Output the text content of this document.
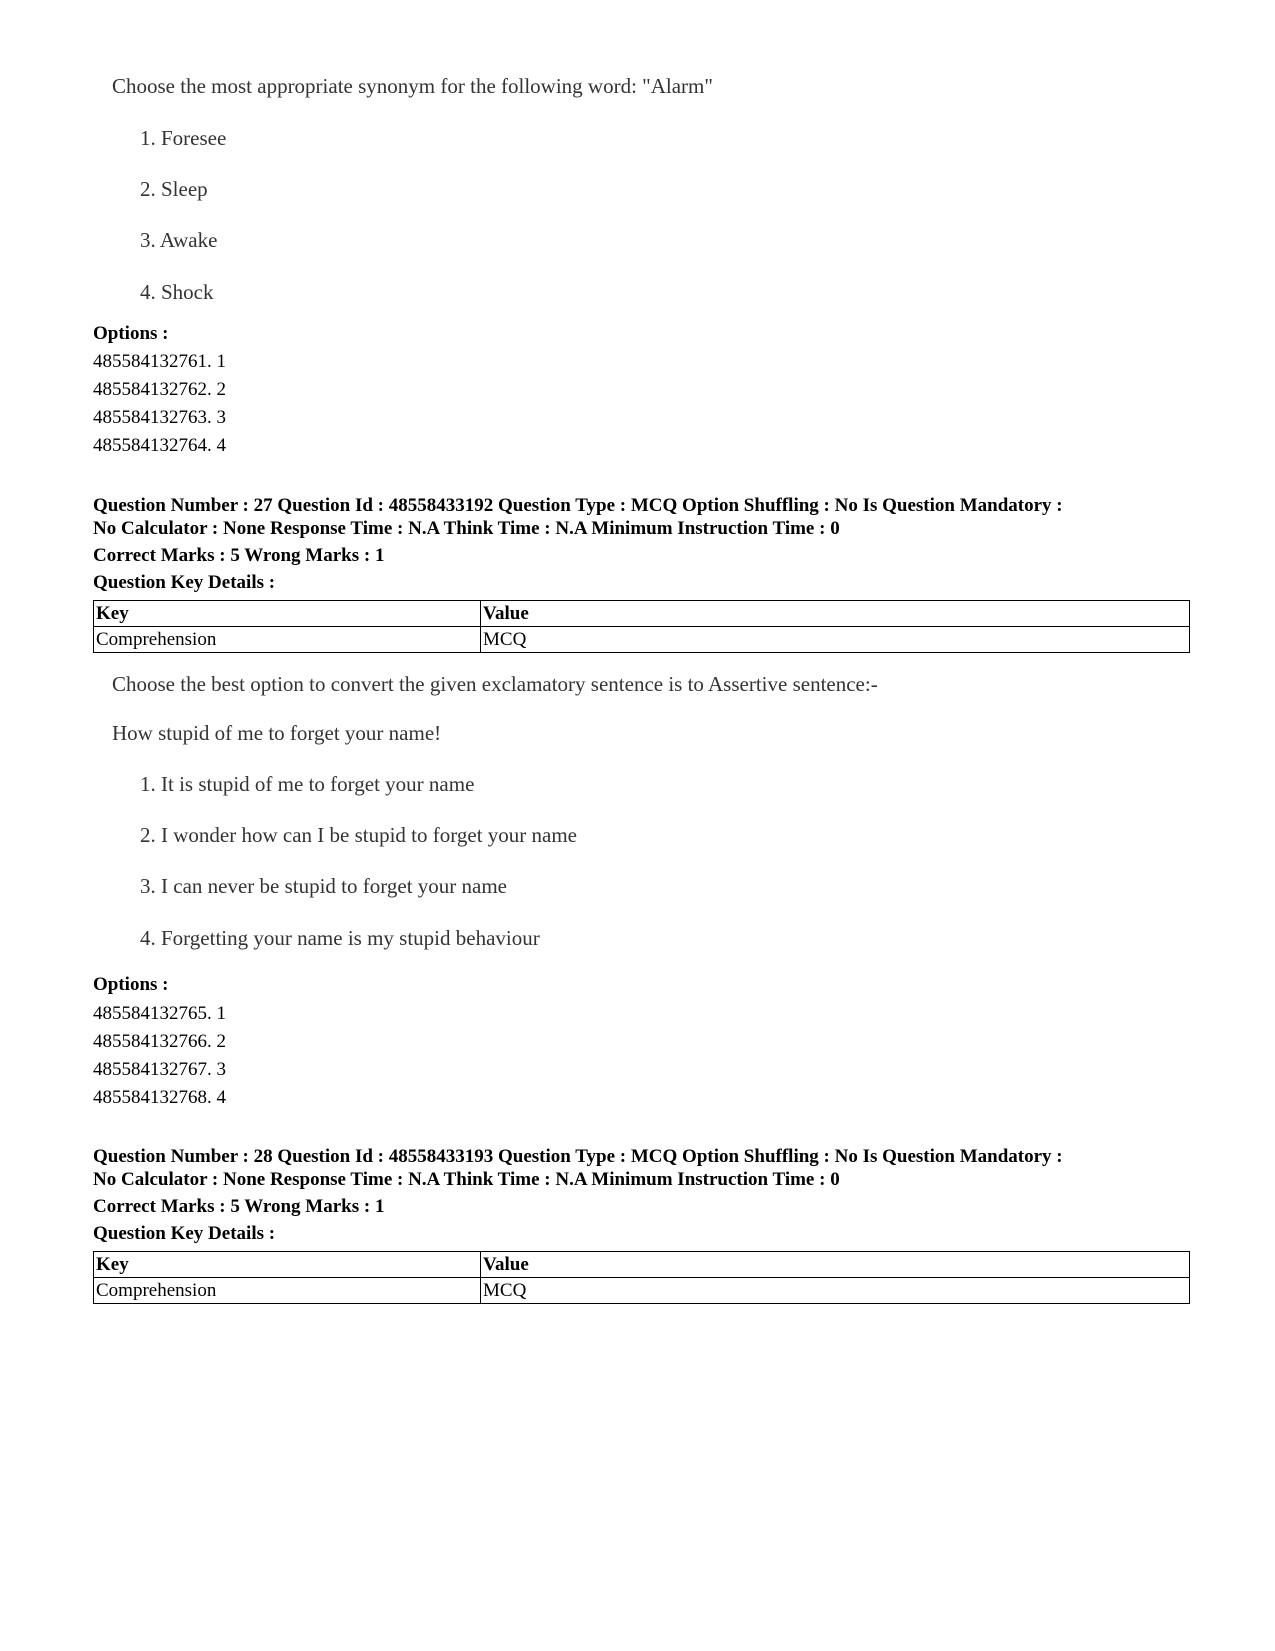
Choose the most appropriate synonym for the following word: "Alarm"
1. Foresee
2. Sleep
3. Awake
4. Shock
Options :
485584132761. 1
485584132762. 2
485584132763. 3
485584132764. 4
Question Number : 27 Question Id : 48558433192 Question Type : MCQ Option Shuffling : No Is Question Mandatory :
No Calculator : None Response Time : N.A Think Time : N.A Minimum Instruction Time : 0
Correct Marks : 5 Wrong Marks : 1
Question Key Details :
Key	Value
Comprehension	MCQ
Choose the best option to convert the given exclamatory sentence is to Assertive sentence:-
How stupid of me to forget your name!
1. It is stupid of me to forget your name
2. I wonder how can I be stupid to forget your name
3. I can never be stupid to forget your name
4. Forgetting your name is my stupid behaviour
Options :
485584132765. 1
485584132766. 2
485584132767. 3
485584132768. 4
Question Number : 28 Question Id : 48558433193 Question Type : MCQ Option Shuffling : No Is Question Mandatory :
No Calculator : None Response Time : N.A Think Time : N.A Minimum Instruction Time : 0
Correct Marks : 5 Wrong Marks : 1
Question Key Details :
Key	Value
Comprehension	MCQ
